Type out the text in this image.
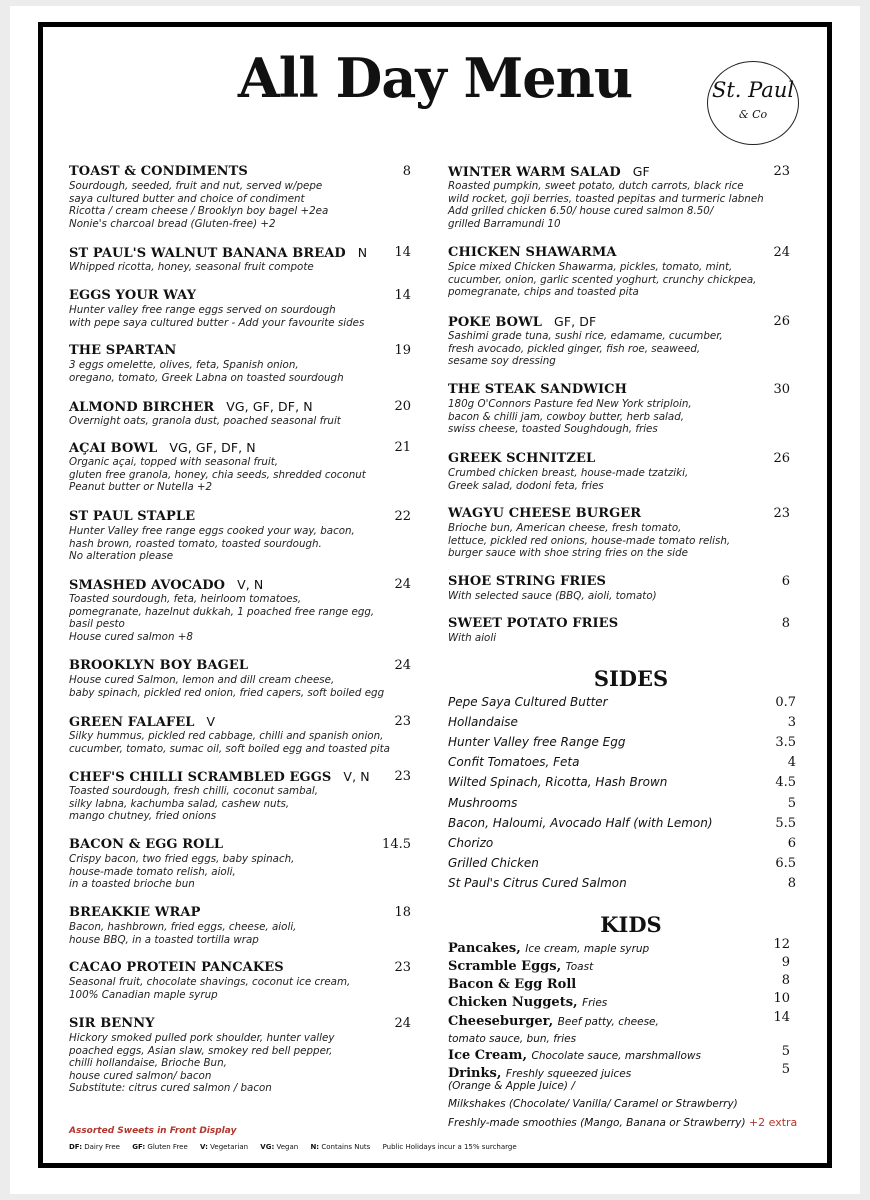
All Day Menu	St. Paul
& Co
TOAST & CONDIMENTS	8
Sourdough, seeded, fruit and nut, served w/pepe
saya cultured butter and choice of condiment
Ricotta / cream cheese / Brooklyn boy bagel +2ea
Nonie's charcoal bread (Gluten-free) +2
ST PAUL'S WALNUT BANANA BREAD N 14
Whipped ricotta, honey, seasonal fruit compote
EGGS YOUR WAY	14
Hunter valley free range eggs served on sourdough
with pepe saya cultured butter - Add your favourite sides
THE SPARTAN	19
3 eggs omelette, olives, feta, Spanish onion,
oregano, tomato, Greek Labna on toasted sourdough
ALMOND BIRCHER VG, GF, DF, N	20
Overnight oats, granola dust, poached seasonal fruit
AÇAI BOWL VG, GF, DF, N	21
Organic açai, topped with seasonal fruit,
gluten free granola, honey, chia seeds, shredded coconut
Peanut butter or Nutella +2
ST PAUL STAPLE	22
Hunter Valley free range eggs cooked your way, bacon,
hash brown, roasted tomato, toasted sourdough.
No alteration please
SMASHED AVOCADO V, N	24
Toasted sourdough, feta, heirloom tomatoes,
pomegranate, hazelnut dukkah, 1 poached free range egg,
basil pesto
House cured salmon +8
BROOKLYN BOY BAGEL	24
House cured Salmon, lemon and dill cream cheese,
baby spinach, pickled red onion, fried capers, soft boiled egg
GREEN FALAFEL V	23
Silky hummus, pickled red cabbage, chilli and spanish onion,
cucumber, tomato, sumac oil, soft boiled egg and toasted pita
CHEF'S CHILLI SCRAMBLED EGGS V, N 23
Toasted sourdough, fresh chilli, coconut sambal,
silky labna, kachumba salad, cashew nuts,
mango chutney, fried onions
BACON & EGG ROLL	14.5
Crispy bacon, two fried eggs, baby spinach,
house-made tomato relish, aioli,
in a toasted brioche bun
BREAKKIE WRAP	18
Bacon, hashbrown, fried eggs, cheese, aioli,
house BBQ, in a toasted tortilla wrap
CACAO PROTEIN PANCAKES	23
Seasonal fruit, chocolate shavings, coconut ice cream,
100% Canadian maple syrup
SIR BENNY	24
Hickory smoked pulled pork shoulder, hunter valley
poached eggs, Asian slaw, smokey red bell pepper,
chilli hollandaise, Brioche Bun,
house cured salmon/ bacon
Substitute: citrus cured salmon / bacon
WINTER WARM SALAD GF	23
Roasted pumpkin, sweet potato, dutch carrots, black rice
wild rocket, goji berries, toasted pepitas and turmeric labneh
Add grilled chicken 6.50/ house cured salmon 8.50/
grilled Barramundi 10
CHICKEN SHAWARMA	24
Spice mixed Chicken Shawarma, pickles, tomato, mint,
cucumber, onion, garlic scented yoghurt, crunchy chickpea,
pomegranate, chips and toasted pita
POKE BOWL GF, DF	26
Sashimi grade tuna, sushi rice, edamame, cucumber,
fresh avocado, pickled ginger, fish roe, seaweed,
sesame soy dressing
THE STEAK SANDWICH	30
180g O'Connors Pasture fed New York striploin,
bacon & chilli jam, cowboy butter, herb salad,
swiss cheese, toasted Soughdough, fries
GREEK SCHNITZEL	26
Crumbed chicken breast, house-made tzatziki,
Greek salad, dodoni feta, fries
WAGYU CHEESE BURGER	23
Brioche bun, American cheese, fresh tomato,
lettuce, pickled red onions, house-made tomato relish,
burger sauce with shoe string fries on the side
SHOE STRING FRIES	6
With selected sauce (BBQ, aioli, tomato)
SWEET POTATO FRIES	8
With aioli
SIDES
Pepe Saya Cultured Butter	0.7
Hollandaise	3
Hunter Valley free Range Egg	3.5
Confit Tomatoes, Feta	4
Wilted Spinach, Ricotta, Hash Brown	4.5
Mushrooms	5
Bacon, Haloumi, Avocado Half (with Lemon)	5.5
Chorizo	6
Grilled Chicken	6.5
St Paul's Citrus Cured Salmon	8
KIDS
Pancakes, Ice cream, maple syrup	12
Scramble Eggs, Toast	9
Bacon & Egg Roll	8
Chicken Nuggets, Fries	10
Cheeseburger, Beef patty, cheese,	14
tomato sauce, bun, fries
Ice Cream, Chocolate sauce, marshmallows	5
Drinks, Freshly squeezed juices	5
(Orange & Apple Juice) /
Milkshakes (Chocolate/ Vanilla/ Caramel or Strawberry)
Freshly-made smoothies (Mango, Banana or Strawberry) +2 extra
Assorted Sweets in Front Display
DF: Dairy Free GF: Gluten Free V: Vegetarian VG: Vegan N: Contains Nuts Public Holidays incur a 15% surcharge
